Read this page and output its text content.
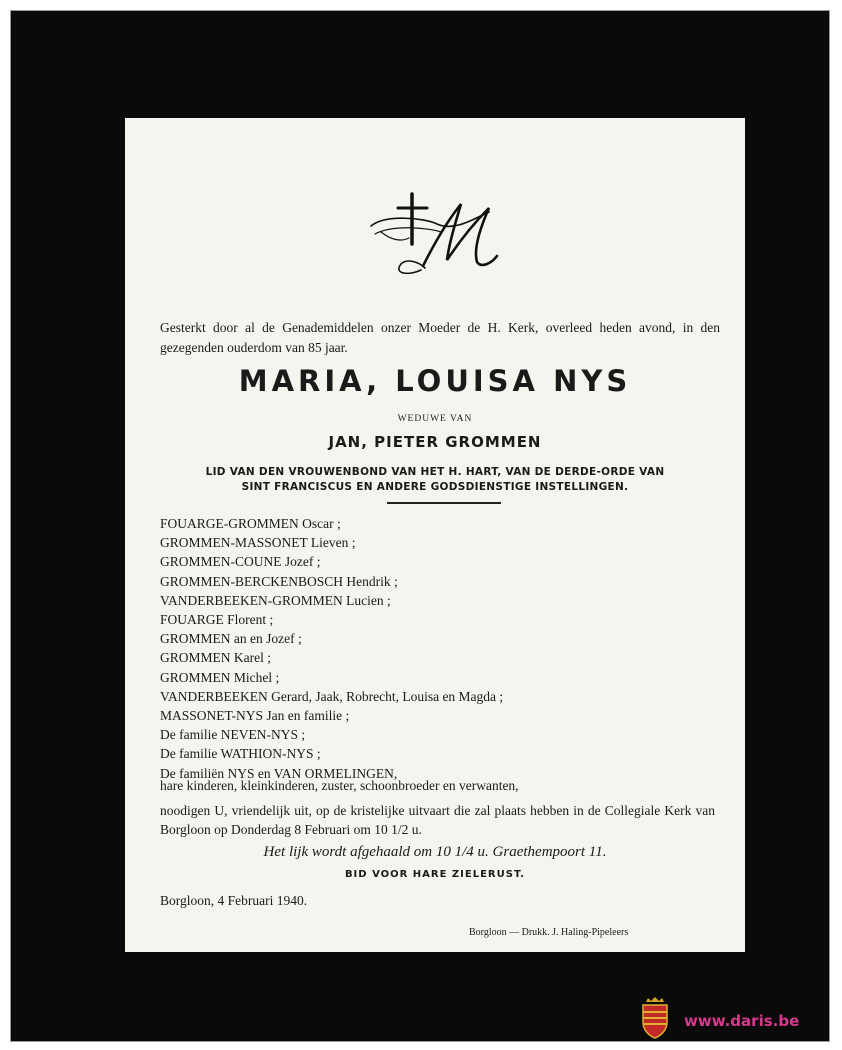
Gesterkt door al de Genademiddelen onzer Moeder de H. Kerk, overleed heden avond, in den gezegenden ouderdom van 85 jaar.
MARIA, LOUISA NYS
WEDUWE VAN
JAN, PIETER GROMMEN
LID VAN DEN VROUWENBOND VAN HET H. HART, VAN DE DERDE-ORDE VAN
SINT FRANCISCUS EN ANDERE GODSDIENSTIGE INSTELLINGEN.
FOUARGE-GROMMEN Oscar ;
GROMMEN-MASSONET Lieven ;
GROMMEN-COUNE Jozef ;
GROMMEN-BERCKENBOSCH Hendrik ;
VANDERBEEKEN-GROMMEN Lucien ;
FOUARGE Florent ;
GROMMEN an en Jozef ;
GROMMEN Karel ;
GROMMEN Michel ;
VANDERBEEKEN Gerard, Jaak, Robrecht, Louisa en Magda ;
MASSONET-NYS Jan en familie ;
De familie NEVEN-NYS ;
De familie WATHION-NYS ;
De familiën NYS en VAN ORMELINGEN,
hare kinderen, kleinkinderen, zuster, schoonbroeder en verwanten,
noodigen U, vriendelijk uit, op de kristelijke uitvaart die zal plaats hebben in de Collegiale Kerk van Borgloon op Donderdag 8 Februari om 10 1/2 u.
Het lijk wordt afgehaald om 10 1/4 u. Graethempoort 11.
BID VOOR HARE ZIELERUST.
Borgloon, 4 Februari 1940.
Borgloon — Drukk. J. Haling-Pipeleers
www.daris.be
